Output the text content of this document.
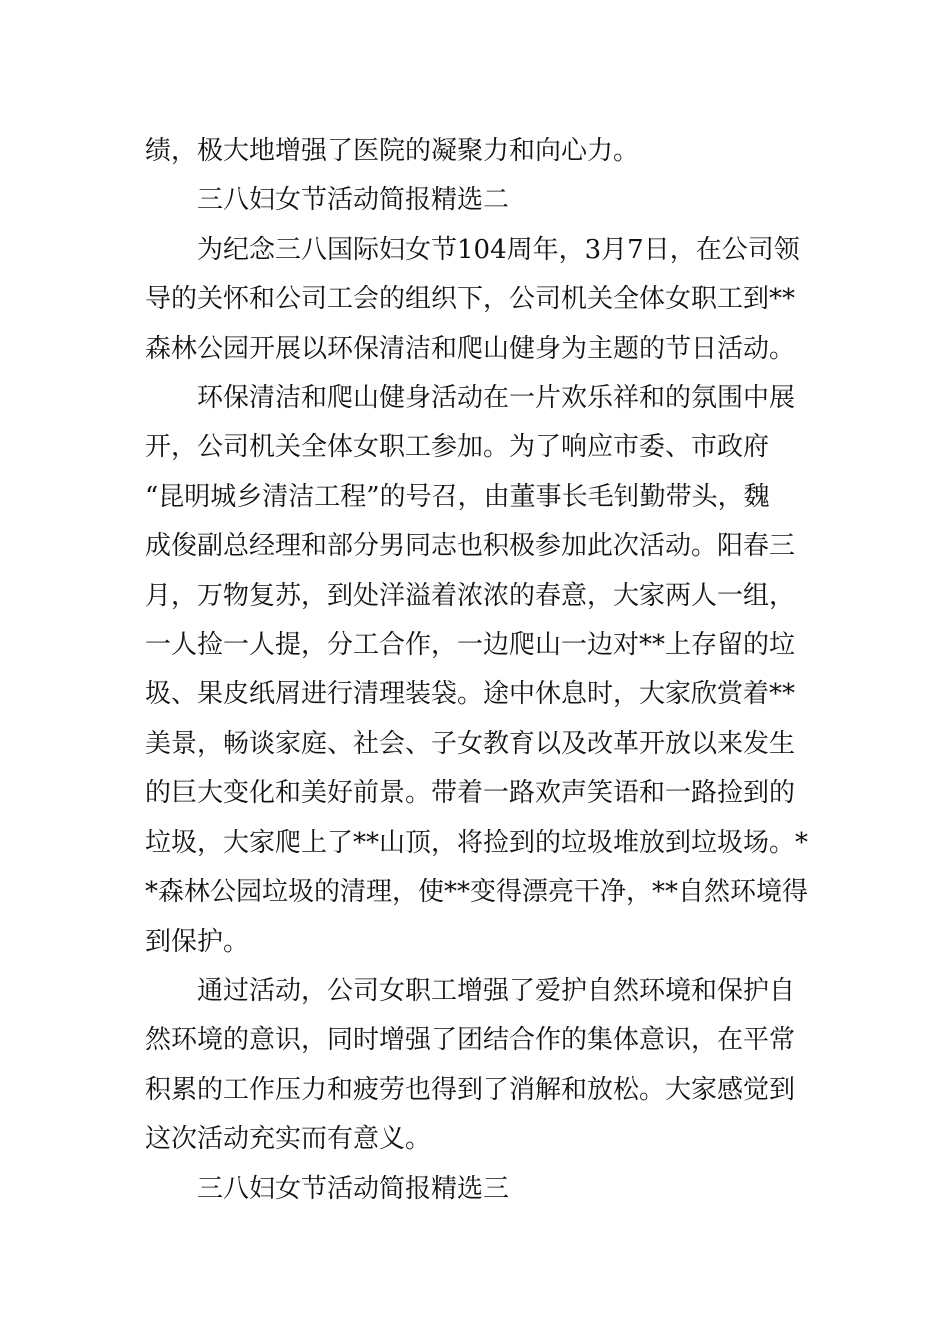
绩，极大地增强了医院的凝聚力和向心力。

三八妇女节活动简报精选二

为纪念三八国际妇女节104周年，3月7日，在公司领
导的关怀和公司工会的组织下，公司机关全体女职工到**
森林公园开展以环保清洁和爬山健身为主题的节日活动。

环保清洁和爬山健身活动在一片欢乐祥和的氛围中展
开，公司机关全体女职工参加。为了响应市委、市政府
“昆明城乡清洁工程”的号召，由董事长毛钊勤带头，魏
成俊副总经理和部分男同志也积极参加此次活动。阳春三
月，万物复苏，到处洋溢着浓浓的春意，大家两人一组，
一人捡一人提，分工合作，一边爬山一边对**上存留的垃
圾、果皮纸屑进行清理装袋。途中休息时，大家欣赏着**
美景，畅谈家庭、社会、子女教育以及改革开放以来发生
的巨大变化和美好前景。带着一路欢声笑语和一路捡到的
垃圾，大家爬上了**山顶，将捡到的垃圾堆放到垃圾场。*
*森林公园垃圾的清理，使**变得漂亮干净，**自然环境得
到保护。

通过活动，公司女职工增强了爱护自然环境和保护自
然环境的意识，同时增强了团结合作的集体意识，在平常
积累的工作压力和疲劳也得到了消解和放松。大家感觉到
这次活动充实而有意义。

三八妇女节活动简报精选三
